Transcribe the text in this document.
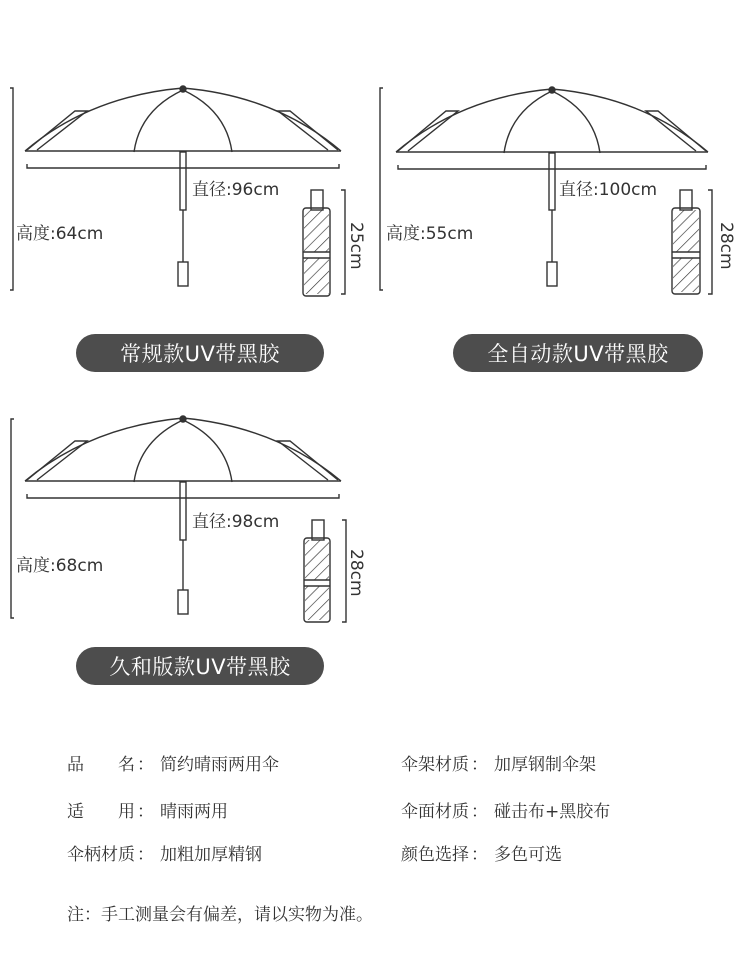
直径:96cm
高度:64cm	25cm
直径:100cm
高度:55cm	28cm
直径:98cm
高度:68cm	28cm
常规款UV带黑胶	全自动款UV带黑胶
久和版款UV带黑胶
品　　名 ： 简约晴雨两用伞	伞架材质 ： 加厚钢制伞架
适　　用 ： 晴雨两用	伞面材质 ： 碰击布+黑胶布
伞柄材质 ： 加粗加厚精钢	颜色选择 ： 多色可选
注：手工测量会有偏差，请以实物为准。
